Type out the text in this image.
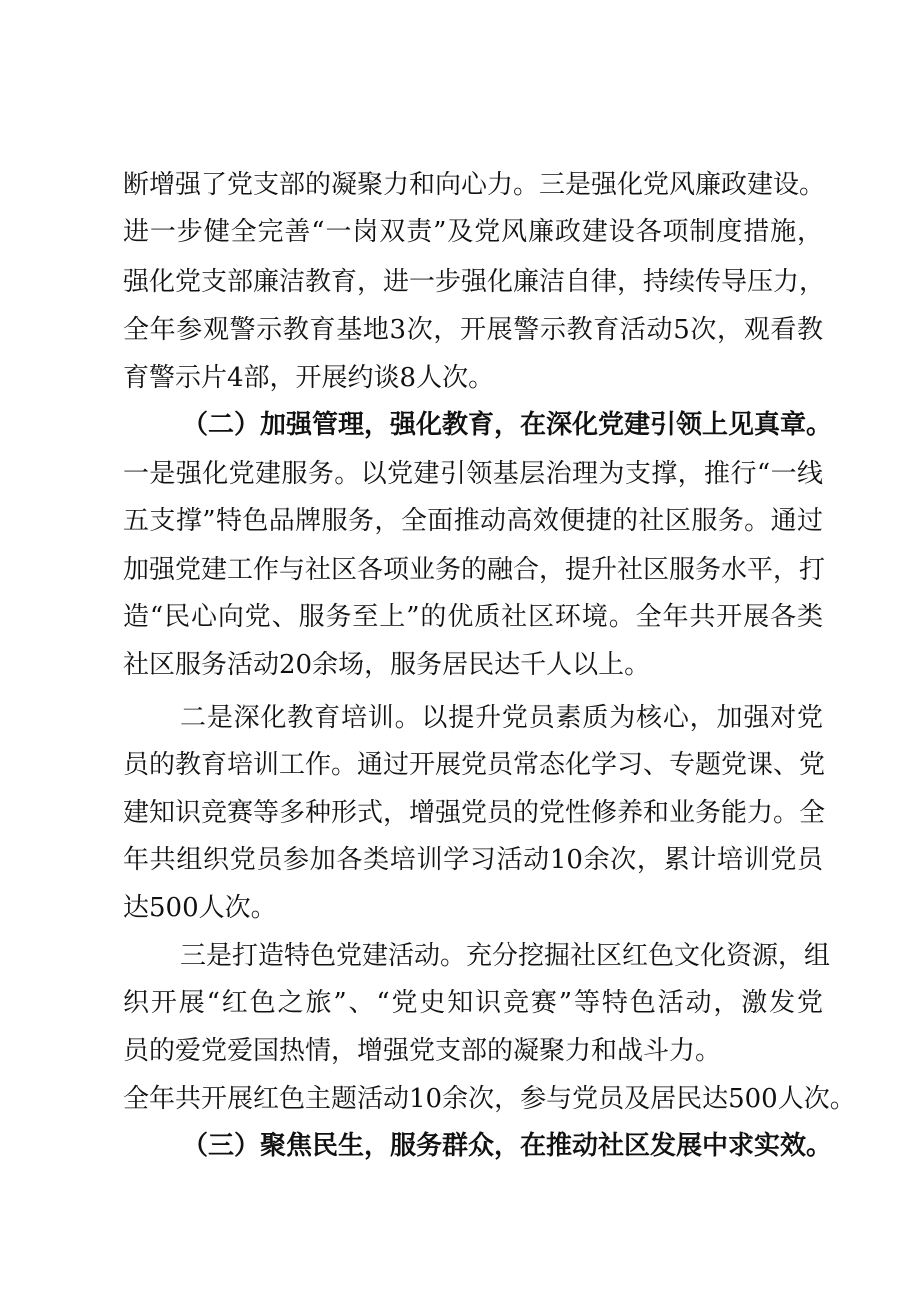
断增强了党支部的凝聚力和向心力。三是强化党风廉政建设。
进一步健全完善“一岗双责”及党风廉政建设各项制度措施，
强化党支部廉洁教育，进一步强化廉洁自律，持续传导压力，
全年参观警示教育基地3次，开展警示教育活动5次，观看教
育警示片4部，开展约谈8人次。
（二）加强管理，强化教育，在深化党建引领上见真章。
一是强化党建服务。以党建引领基层治理为支撑，推行“一线
五支撑”特色品牌服务，全面推动高效便捷的社区服务。通过
加强党建工作与社区各项业务的融合，提升社区服务水平，打
造“民心向党、服务至上”的优质社区环境。全年共开展各类
社区服务活动20余场，服务居民达千人以上。
二是深化教育培训。以提升党员素质为核心，加强对党
员的教育培训工作。通过开展党员常态化学习、专题党课、党
建知识竞赛等多种形式，增强党员的党性修养和业务能力。全
年共组织党员参加各类培训学习活动10余次，累计培训党员
达500人次。
三是打造特色党建活动。充分挖掘社区红色文化资源，组
织开展“红色之旅”、“党史知识竞赛”等特色活动，激发党
员的爱党爱国热情，增强党支部的凝聚力和战斗力。
全年共开展红色主题活动10余次，参与党员及居民达500人次。
（三）聚焦民生，服务群众，在推动社区发展中求实效。
